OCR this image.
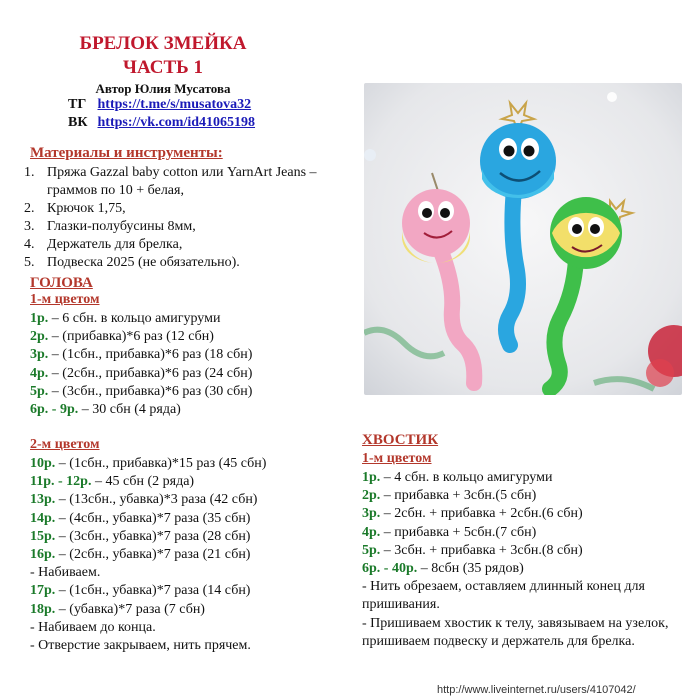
БРЕЛОК ЗМЕЙКА
ЧАСТЬ 1
Автор Юлия Мусатова
ТГ https://t.me/s/musatova32
ВК https://vk.com/id41065198
Материалы и инструменты:
1. Пряжа Gazzal baby cotton или YarnArt Jeans – граммов по 10 + белая,
2. Крючок 1,75,
3. Глазки-полубусины 8мм,
4. Держатель для брелка,
5. Подвеска 2025 (не обязательно).
ГОЛОВА
1-м цветом
1р. – 6 сбн. в кольцо амигуруми
2р. – (прибавка)*6 раз (12 сбн)
3р. – (1сбн., прибавка)*6 раз (18 сбн)
4р. – (2сбн., прибавка)*6 раз (24 сбн)
5р. – (3сбн., прибавка)*6 раз (30 сбн)
6р. - 9р. – 30 сбн (4 ряда)
2-м цветом
10р. – (1сбн., прибавка)*15 раз (45 сбн)
11р. - 12р. – 45 сбн (2 ряда)
13р. – (13сбн., убавка)*3 раза (42 сбн)
14р. – (4сбн., убавка)*7 раза (35 сбн)
15р. – (3сбн., убавка)*7 раза (28 сбн)
16р. – (2сбн., убавка)*7 раза (21 сбн)
- Набиваем.
17р. – (1сбн., убавка)*7 раза (14 сбн)
18р. – (убавка)*7 раза (7 сбн)
- Набиваем до конца.
- Отверстие закрываем, нить прячем.
ХВОСТИК
1-м цветом
1р. – 4 сбн. в кольцо амигуруми
2р. – прибавка + 3сбн.(5 сбн)
3р. – 2сбн. + прибавка + 2сбн.(6 сбн)
4р. – прибавка + 5сбн.(7 сбн)
5р. – 3сбн. + прибавка + 3сбн.(8 сбн)
6р. - 40р. – 8сбн (35 рядов)
- Нить обрезаем, оставляем длинный конец для пришивания.
- Пришиваем хвостик к телу, завязываем на узелок, пришиваем подвеску и держатель для брелка.
http://www.liveinternet.ru/users/4107042/
